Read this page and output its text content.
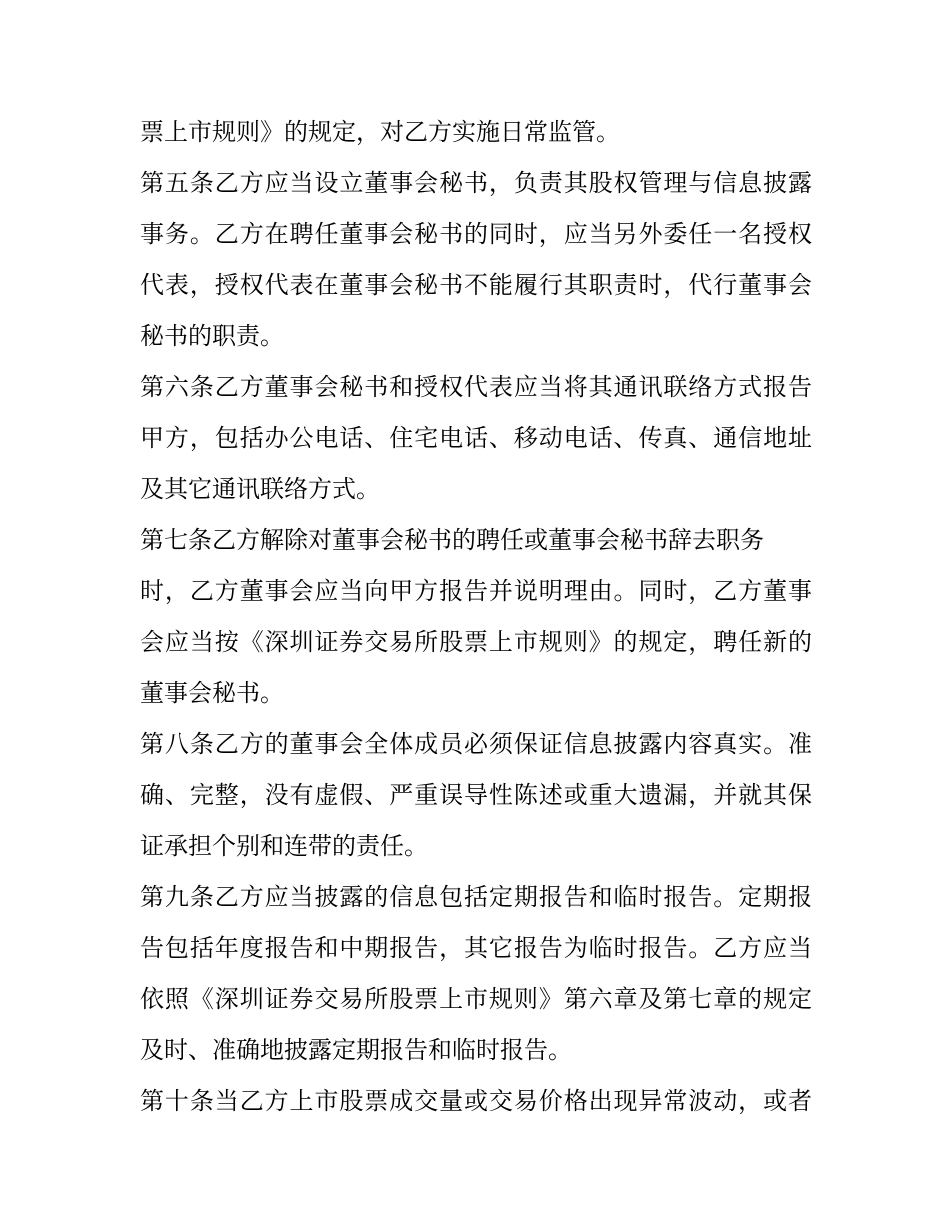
票上市规则》的规定，对乙方实施日常监管。
第五条乙方应当设立董事会秘书，负责其股权管理与信息披露
事务。乙方在聘任董事会秘书的同时，应当另外委任一名授权
代表，授权代表在董事会秘书不能履行其职责时，代行董事会
秘书的职责。
第六条乙方董事会秘书和授权代表应当将其通讯联络方式报告
甲方，包括办公电话、住宅电话、移动电话、传真、通信地址
及其它通讯联络方式。
第七条乙方解除对董事会秘书的聘任或董事会秘书辞去职务
时，乙方董事会应当向甲方报告并说明理由。同时，乙方董事
会应当按《深圳证券交易所股票上市规则》的规定，聘任新的
董事会秘书。
第八条乙方的董事会全体成员必须保证信息披露内容真实。准
确、完整，没有虚假、严重误导性陈述或重大遗漏，并就其保
证承担个别和连带的责任。
第九条乙方应当披露的信息包括定期报告和临时报告。定期报
告包括年度报告和中期报告，其它报告为临时报告。乙方应当
依照《深圳证券交易所股票上市规则》第六章及第七章的规定
及时、准确地披露定期报告和临时报告。
第十条当乙方上市股票成交量或交易价格出现异常波动，或者
